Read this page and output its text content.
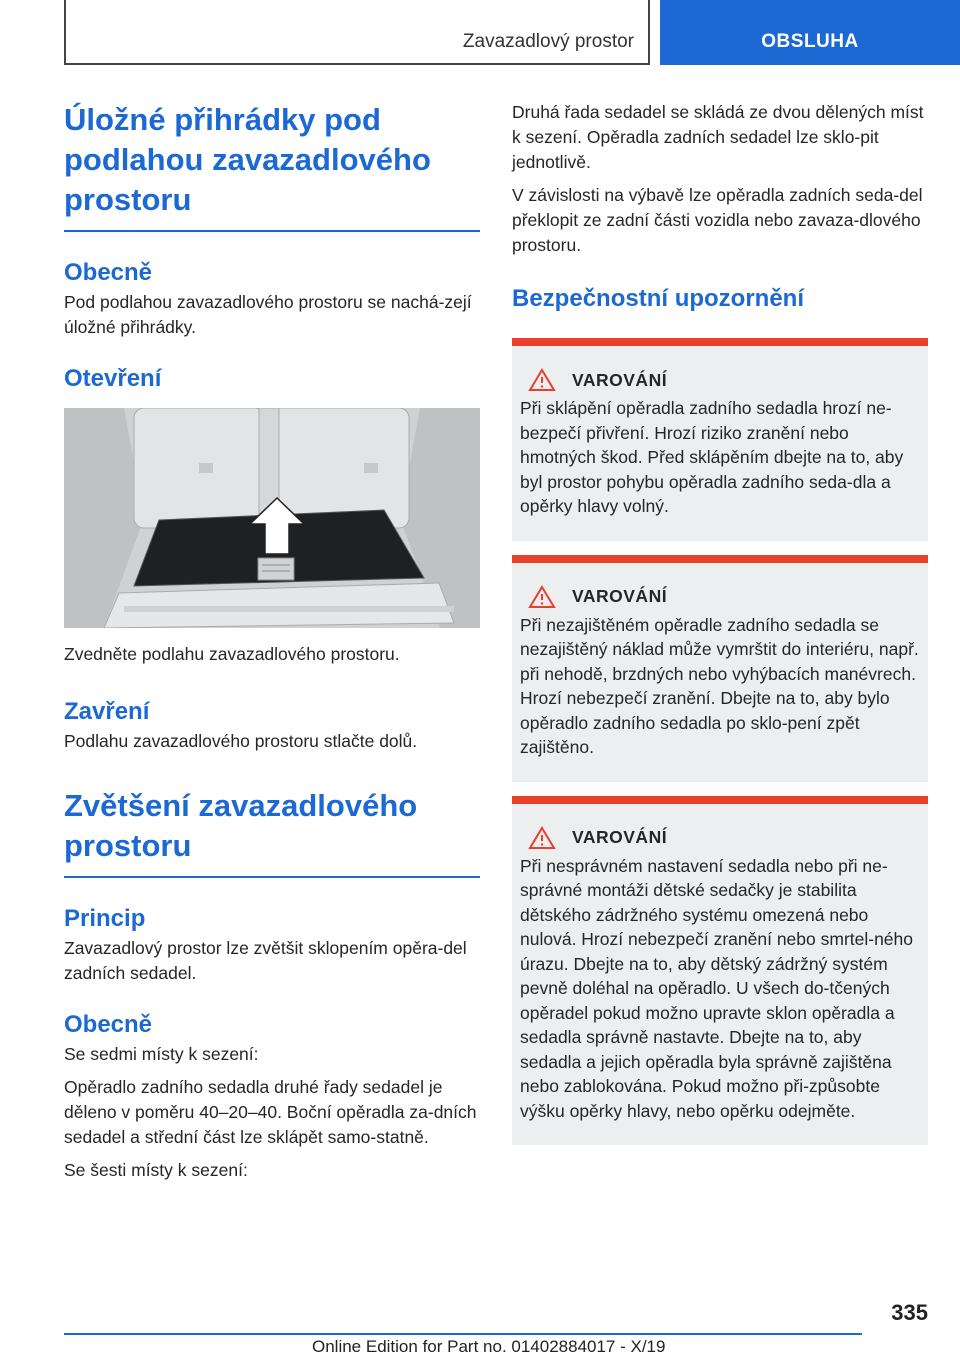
Zavazadlový prostor	OBSLUHA
Úložné přihrádky pod podlahou zavazadlového prostoru
Obecně

Pod podlahou zavazadlového prostoru se nachá-zejí úložné přihrádky.

Otevření

Zvedněte podlahu zavazadlového prostoru.

Zavření

Podlahu zavazadlového prostoru stlačte dolů.

Zvětšení zavazadlového prostoru
Princip

Zavazadlový prostor lze zvětšit sklopením opěra-del zadních sedadel.

Obecně

Se sedmi místy k sezení:

Opěradlo zadního sedadla druhé řady sedadel je děleno v poměru 40–20–40. Boční opěradla za-dních sedadel a střední část lze sklápět samo-statně.

Se šesti místy k sezení:

Druhá řada sedadel se skládá ze dvou dělených míst k sezení. Opěradla zadních sedadel lze sklo-pit jednotlivě.

V závislosti na výbavě lze opěradla zadních seda-del překlopit ze zadní části vozidla nebo zavaza-dlového prostoru.

Bezpečnostní upozornění
VAROVÁNÍ

Při sklápění opěradla zadního sedadla hrozí ne-bezpečí přivření. Hrozí riziko zranění nebo hmotných škod. Před sklápěním dbejte na to, aby byl prostor pohybu opěradla zadního seda-dla a opěrky hlavy volný.

VAROVÁNÍ

Při nezajištěném opěradle zadního sedadla se nezajištěný náklad může vymrštit do interiéru, např. při nehodě, brzdných nebo vyhýbacích manévrech. Hrozí nebezpečí zranění. Dbejte na to, aby bylo opěradlo zadního sedadla po sklo-pení zpět zajištěno.

VAROVÁNÍ

Při nesprávném nastavení sedadla nebo při ne-správné montáži dětské sedačky je stabilita dětského zádržného systému omezená nebo nulová. Hrozí nebezpečí zranění nebo smrtel-ného úrazu. Dbejte na to, aby dětský zádržný systém pevně doléhal na opěradlo. U všech do-tčených opěradel pokud možno upravte sklon opěradla a sedadla správně nastavte. Dbejte na to, aby sedadla a jejich opěradla byla správně zajištěna nebo zablokována. Pokud možno při-způsobte výšku opěrky hlavy, nebo opěrku odejměte.

335
Online Edition for Part no. 01402884017 - X/19
